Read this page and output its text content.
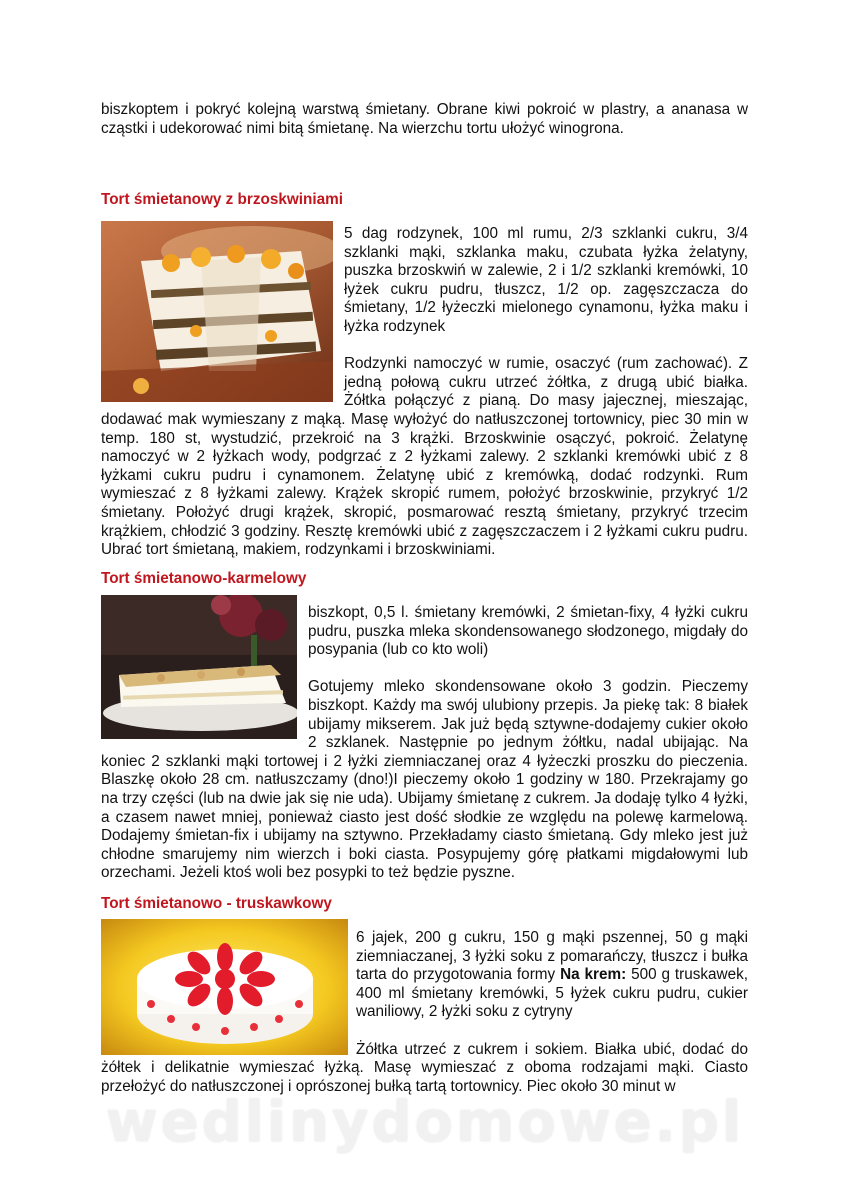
biszkoptem i pokryć kolejną warstwą śmietany. Obrane kiwi pokroić w plastry, a ananasa w cząstki i udekorować nimi bitą śmietanę. Na wierzchu tortu ułożyć winogrona.

Tort śmietanowy z brzoskwiniami

5 dag rodzynek, 100 ml rumu, 2/3 szklanki cukru, 3/4 szklanki mąki, szklanka maku, czubata łyżka żelatyny, puszka brzoskwiń w zalewie, 2 i 1/2 szklanki kremówki, 10 łyżek cukru pudru, tłuszcz, 1/2 op. zagęszczacza do śmietany, 1/2 łyżeczki mielonego cynamonu, łyżka maku i łyżka rodzynek

Rodzynki namoczyć w rumie, osaczyć (rum zachować). Z jedną połową cukru utrzeć żółtka, z drugą ubić białka. Żółtka połączyć z pianą. Do masy jajecznej, mieszając, dodawać mak wymieszany z mąką. Masę wyłożyć do natłuszczonej tortownicy, piec 30 min w temp. 180 st, wystudzić, przekroić na 3 krążki. Brzoskwinie osączyć, pokroić. Żelatynę namoczyć w 2 łyżkach wody, podgrzać z 2 łyżkami zalewy. 2 szklanki kremówki ubić z 8 łyżkami cukru pudru i cynamonem. Żelatynę ubić z kremówką, dodać rodzynki. Rum wymieszać z 8 łyżkami zalewy. Krążek skropić rumem, położyć brzoskwinie, przykryć 1/2 śmietany. Położyć drugi krążek, skropić, posmarować resztą śmietany, przykryć trzecim krążkiem, chłodzić 3 godziny. Resztę kremówki ubić z zagęszczaczem i 2 łyżkami cukru pudru. Ubrać tort śmietaną, makiem, rodzynkami i brzoskwiniami.

Tort śmietanowo-karmelowy

biszkopt, 0,5 l. śmietany kremówki, 2 śmietan-fixy, 4 łyżki cukru pudru, puszka mleka skondensowanego słodzonego, migdały do posypania (lub co kto woli)

Gotujemy mleko skondensowane około 3 godzin. Pieczemy biszkopt. Każdy ma swój ulubiony przepis. Ja piekę tak: 8 białek ubijamy mikserem. Jak już będą sztywne-dodajemy cukier około 2 szklanek. Następnie po jednym żółtku, nadal ubijając. Na koniec 2 szklanki mąki tortowej i 2 łyżki ziemniaczanej oraz 4 łyżeczki proszku do pieczenia. Blaszkę około 28 cm. natłuszczamy (dno!)I pieczemy około 1 godziny w 180. Przekrajamy go na trzy części (lub na dwie jak się nie uda). Ubijamy śmietanę z cukrem. Ja dodaję tylko 4 łyżki, a czasem nawet mniej, ponieważ ciasto jest dość słodkie ze względu na polewę karmelową. Dodajemy śmietan-fix i ubijamy na sztywno. Przekładamy ciasto śmietaną. Gdy mleko jest już chłodne smarujemy nim wierzch i boki ciasta. Posypujemy górę płatkami migdałowymi lub orzechami. Jeżeli ktoś woli bez posypki to też będzie pyszne.

Tort śmietanowo - truskawkowy

6 jajek, 200 g cukru, 150 g mąki pszennej, 50 g mąki ziemniaczanej, 3 łyżki soku z pomarańczy, tłuszcz i bułka tarta do przygotowania formy Na krem: 500 g truskawek, 400 ml śmietany kremówki, 5 łyżek cukru pudru, cukier waniliowy, 2 łyżki soku z cytryny

Żółtka utrzeć z cukrem i sokiem. Białka ubić, dodać do żółtek i delikatnie wymieszać łyżką. Masę wymieszać z oboma rodzajami mąki. Ciasto przełożyć do natłuszczonej i oprószonej bułką tartą tortownicy. Piec około 30 minut w

wedlinydomowe.pl
